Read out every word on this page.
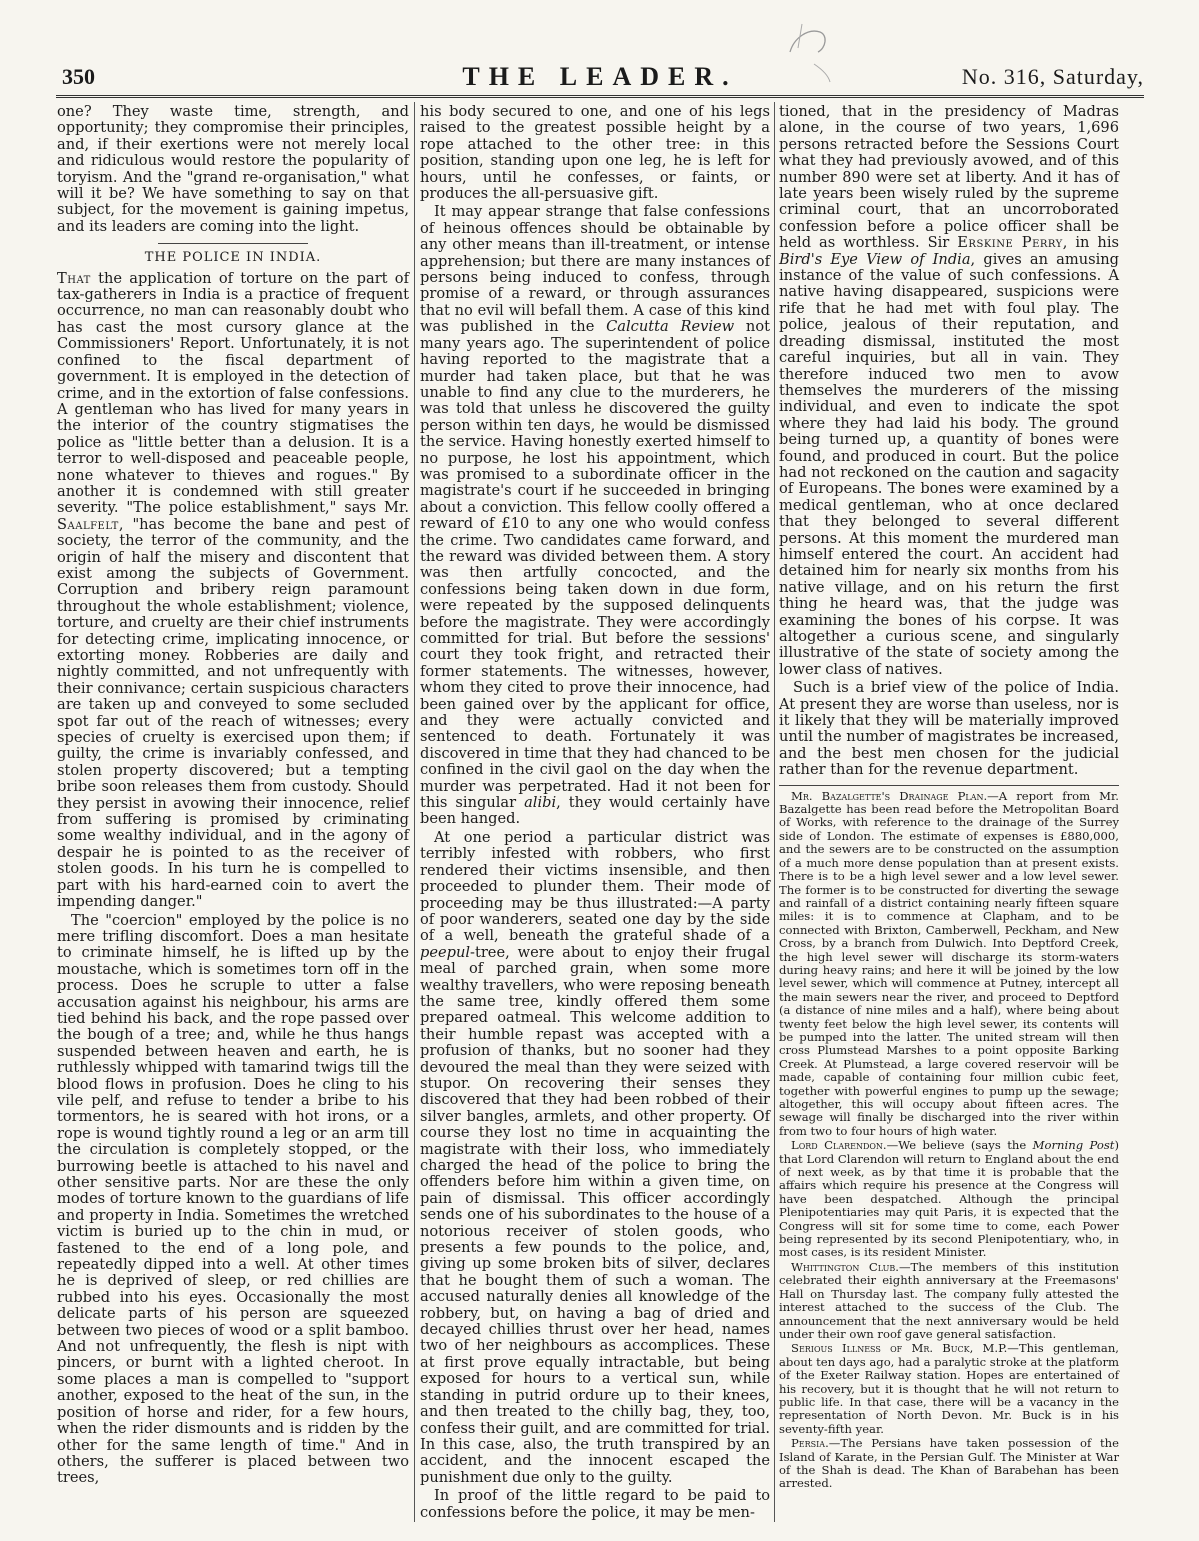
350	THE LEADER.	No. 316, Saturday,

one? They waste time, strength, and opportunity; they compromise their principles, and, if their exertions were not merely local and ridiculous would restore the popularity of toryism. And the "grand re-organisation," what will it be? We have something to say on that subject, for the movement is gaining impetus, and its leaders are coming into the light.

THE POLICE IN INDIA.

That the application of torture on the part of tax-gatherers in India is a practice of frequent occurrence, no man can reasonably doubt who has cast the most cursory glance at the Commissioners' Report. Unfortunately, it is not confined to the fiscal department of government. It is employed in the detection of crime, and in the extortion of false confessions. A gentleman who has lived for many years in the interior of the country stigmatises the police as "little better than a delusion. It is a terror to well-disposed and peaceable people, none whatever to thieves and rogues." By another it is condemned with still greater severity. "The police establishment," says Mr. Saalfelt, "has become the bane and pest of society, the terror of the community, and the origin of half the misery and discontent that exist among the subjects of Government. Corruption and bribery reign paramount throughout the whole establishment; violence, torture, and cruelty are their chief instruments for detecting crime, implicating innocence, or extorting money. Robberies are daily and nightly committed, and not unfrequently with their connivance; certain suspicious characters are taken up and conveyed to some secluded spot far out of the reach of witnesses; every species of cruelty is exercised upon them; if guilty, the crime is invariably confessed, and stolen property discovered; but a tempting bribe soon releases them from custody. Should they persist in avowing their innocence, relief from suffering is promised by criminating some wealthy individual, and in the agony of despair he is pointed to as the receiver of stolen goods. In his turn he is compelled to part with his hard-earned coin to avert the impending danger."

The "coercion" employed by the police is no mere trifling discomfort. Does a man hesitate to criminate himself, he is lifted up by the moustache, which is sometimes torn off in the process. Does he scruple to utter a false accusation against his neighbour, his arms are tied behind his back, and the rope passed over the bough of a tree; and, while he thus hangs suspended between heaven and earth, he is ruthlessly whipped with tamarind twigs till the blood flows in profusion. Does he cling to his vile pelf, and refuse to tender a bribe to his tormentors, he is seared with hot irons, or a rope is wound tightly round a leg or an arm till the circulation is completely stopped, or the burrowing beetle is attached to his navel and other sensitive parts. Nor are these the only modes of torture known to the guardians of life and property in India. Sometimes the wretched victim is buried up to the chin in mud, or fastened to the end of a long pole, and repeatedly dipped into a well. At other times he is deprived of sleep, or red chillies are rubbed into his eyes. Occasionally the most delicate parts of his person are squeezed between two pieces of wood or a split bamboo. And not unfrequently, the flesh is nipt with pincers, or burnt with a lighted cheroot. In some places a man is compelled to "support another, exposed to the heat of the sun, in the position of horse and rider, for a few hours, when the rider dismounts and is ridden by the other for the same length of time." And in others, the sufferer is placed between two trees,

his body secured to one, and one of his legs raised to the greatest possible height by a rope attached to the other tree: in this position, standing upon one leg, he is left for hours, until he confesses, or faints, or produces the all-persuasive gift.

It may appear strange that false confessions of heinous offences should be obtainable by any other means than ill-treatment, or intense apprehension; but there are many instances of persons being induced to confess, through promise of a reward, or through assurances that no evil will befall them. A case of this kind was published in the Calcutta Review not many years ago. The superintendent of police having reported to the magistrate that a murder had taken place, but that he was unable to find any clue to the murderers, he was told that unless he discovered the guilty person within ten days, he would be dismissed the service. Having honestly exerted himself to no purpose, he lost his appointment, which was promised to a subordinate officer in the magistrate's court if he succeeded in bringing about a conviction. This fellow coolly offered a reward of £10 to any one who would confess the crime. Two candidates came forward, and the reward was divided between them. A story was then artfully concocted, and the confessions being taken down in due form, were repeated by the supposed delinquents before the magistrate. They were accordingly committed for trial. But before the sessions' court they took fright, and retracted their former statements. The witnesses, however, whom they cited to prove their innocence, had been gained over by the applicant for office, and they were actually convicted and sentenced to death. Fortunately it was discovered in time that they had chanced to be confined in the civil gaol on the day when the murder was perpetrated. Had it not been for this singular alibi, they would certainly have been hanged.

At one period a particular district was terribly infested with robbers, who first rendered their victims insensible, and then proceeded to plunder them. Their mode of proceeding may be thus illustrated:—A party of poor wanderers, seated one day by the side of a well, beneath the grateful shade of a peepul-tree, were about to enjoy their frugal meal of parched grain, when some more wealthy travellers, who were reposing beneath the same tree, kindly offered them some prepared oatmeal. This welcome addition to their humble repast was accepted with a profusion of thanks, but no sooner had they devoured the meal than they were seized with stupor. On recovering their senses they discovered that they had been robbed of their silver bangles, armlets, and other property. Of course they lost no time in acquainting the magistrate with their loss, who immediately charged the head of the police to bring the offenders before him within a given time, on pain of dismissal. This officer accordingly sends one of his subordinates to the house of a notorious receiver of stolen goods, who presents a few pounds to the police, and, giving up some broken bits of silver, declares that he bought them of such a woman. The accused naturally denies all knowledge of the robbery, but, on having a bag of dried and decayed chillies thrust over her head, names two of her neighbours as accomplices. These at first prove equally intractable, but being exposed for hours to a vertical sun, while standing in putrid ordure up to their knees, and then treated to the chilly bag, they, too, confess their guilt, and are committed for trial. In this case, also, the truth transpired by an accident, and the innocent escaped the punishment due only to the guilty.

In proof of the little regard to be paid to confessions before the police, it may be men-

tioned, that in the presidency of Madras alone, in the course of two years, 1,696 persons retracted before the Sessions Court what they had previously avowed, and of this number 890 were set at liberty. And it has of late years been wisely ruled by the supreme criminal court, that an uncorroborated confession before a police officer shall be held as worthless. Sir Erskine Perry, in his Bird's Eye View of India, gives an amusing instance of the value of such confessions. A native having disappeared, suspicions were rife that he had met with foul play. The police, jealous of their reputation, and dreading dismissal, instituted the most careful inquiries, but all in vain. They therefore induced two men to avow themselves the murderers of the missing individual, and even to indicate the spot where they had laid his body. The ground being turned up, a quantity of bones were found, and produced in court. But the police had not reckoned on the caution and sagacity of Europeans. The bones were examined by a medical gentleman, who at once declared that they belonged to several different persons. At this moment the murdered man himself entered the court. An accident had detained him for nearly six months from his native village, and on his return the first thing he heard was, that the judge was examining the bones of his corpse. It was altogether a curious scene, and singularly illustrative of the state of society among the lower class of natives.

Such is a brief view of the police of India. At present they are worse than useless, nor is it likely that they will be materially improved until the number of magistrates be increased, and the best men chosen for the judicial rather than for the revenue department.

Mr. Bazalgette's Drainage Plan.—A report from Mr. Bazalgette has been read before the Metropolitan Board of Works, with reference to the drainage of the Surrey side of London. The estimate of expenses is £880,000, and the sewers are to be constructed on the assumption of a much more dense population than at present exists. There is to be a high level sewer and a low level sewer. The former is to be constructed for diverting the sewage and rainfall of a district containing nearly fifteen square miles: it is to commence at Clapham, and to be connected with Brixton, Camberwell, Peckham, and New Cross, by a branch from Dulwich. Into Deptford Creek, the high level sewer will discharge its storm-waters during heavy rains; and here it will be joined by the low level sewer, which will commence at Putney, intercept all the main sewers near the river, and proceed to Deptford (a distance of nine miles and a half), where being about twenty feet below the high level sewer, its contents will be pumped into the latter. The united stream will then cross Plumstead Marshes to a point opposite Barking Creek. At Plumstead, a large covered reservoir will be made, capable of containing four million cubic feet, together with powerful engines to pump up the sewage; altogether, this will occupy about fifteen acres. The sewage will finally be discharged into the river within from two to four hours of high water.

Lord Clarendon.—We believe (says the Morning Post) that Lord Clarendon will return to England about the end of next week, as by that time it is probable that the affairs which require his presence at the Congress will have been despatched. Although the principal Plenipotentiaries may quit Paris, it is expected that the Congress will sit for some time to come, each Power being represented by its second Plenipotentiary, who, in most cases, is its resident Minister.

Whittington Club.—The members of this institution celebrated their eighth anniversary at the Freemasons' Hall on Thursday last. The company fully attested the interest attached to the success of the Club. The announcement that the next anniversary would be held under their own roof gave general satisfaction.

Serious Illness of Mr. Buck, M.P.—This gentleman, about ten days ago, had a paralytic stroke at the platform of the Exeter Railway station. Hopes are entertained of his recovery, but it is thought that he will not return to public life. In that case, there will be a vacancy in the representation of North Devon. Mr. Buck is in his seventy-fifth year.

Persia.—The Persians have taken possession of the Island of Karate, in the Persian Gulf. The Minister at War of the Shah is dead. The Khan of Barabehan has been arrested.
